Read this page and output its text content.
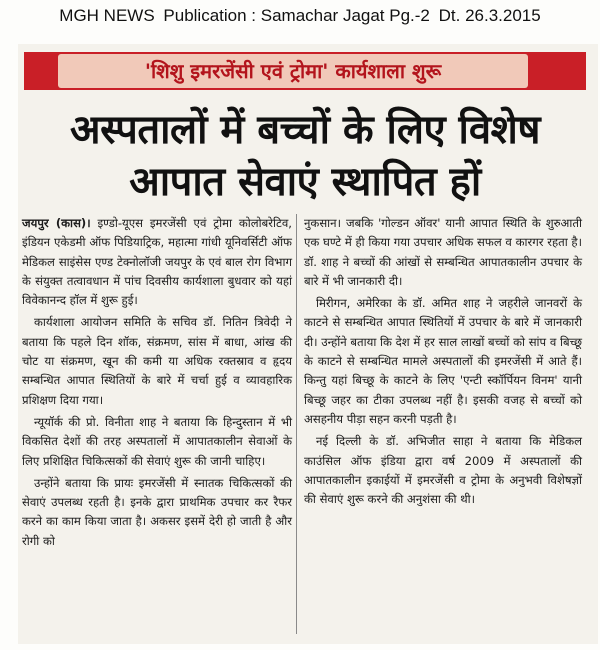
MGH NEWS Publication : Samachar Jagat Pg.-2 Dt. 26.3.2015
'शिशु इमरजेंसी एवं ट्रोमा' कार्यशाला शुरू
अस्पतालों में बच्चों के लिए विशेष
आपात सेवाएं स्थापित हों

जयपुर (कास)। इण्डो-यूएस इमरजेंसी एवं ट्रोमा कोलोबरेटिव, इंडियन एकेडमी ऑफ पिडियाट्रिक, महात्मा गांधी यूनिवर्सिटी ऑफ मेडिकल साइंसेस एण्ड टेक्नोलॉजी जयपुर के एवं बाल रोग विभाग के संयुक्त तत्वावधान में पांच दिवसीय कार्यशाला बुधवार को यहां विवेकानन्द हॉल में शुरू हुई।

कार्यशाला आयोजन समिति के सचिव डॉ. नितिन त्रिवेदी ने बताया कि पहले दिन शॉक, संक्रमण, सांस में बाधा, आंख की चोट या संक्रमण, खून की कमी या अधिक रक्तस्राव व हृदय सम्बन्धित आपात स्थितियों के बारे में चर्चा हुई व व्यावहारिक प्रशिक्षण दिया गया।

न्यूयॉर्क की प्रो. विनीता शाह ने बताया कि हिन्दुस्तान में भी विकसित देशों की तरह अस्पतालों में आपातकालीन सेवाओं के लिए प्रशिक्षित चिकित्सकों की सेवाएं शुरू की जानी चाहिए।

उन्होंने बताया कि प्रायः इमरजेंसी में स्नातक चिकित्सकों की सेवाएं उपलब्ध रहती है। इनके द्वारा प्राथमिक उपचार कर रैफर करने का काम किया जाता है। अकसर इसमें देरी हो जाती है और रोगी को

नुकसान। जबकि 'गोल्डन ऑवर' यानी आपात स्थिति के शुरुआती एक घण्टे में ही किया गया उपचार अधिक सफल व कारगर रहता है। डॉ. शाह ने बच्चों की आंखों से सम्बन्धित आपातकालीन उपचार के बारे में भी जानकारी दी।

मिरीगन, अमेरिका के डॉ. अमित शाह ने जहरीले जानवरों के काटने से सम्बन्धित आपात स्थितियों में उपचार के बारे में जानकारी दी। उन्होंने बताया कि देश में हर साल लाखों बच्चों को सांप व बिच्छू के काटने से सम्बन्धित मामले अस्पतालों की इमरजेंसी में आते हैं। किन्तु यहां बिच्छू के काटने के लिए 'एन्टी स्कॉर्पियन विनम' यानी बिच्छू जहर का टीका उपलब्ध नहीं है। इसकी वजह से बच्चों को असहनीय पीड़ा सहन करनी पड़ती है।

नई दिल्ली के डॉ. अभिजीत साहा ने बताया कि मेडिकल काउंसिल ऑफ इंडिया द्वारा वर्ष 2009 में अस्पतालों की आपातकालीन इकाईयों में इमरजेंसी व ट्रोमा के अनुभवी विशेषज्ञों की सेवाएं शुरू करने की अनुशंसा की थी।
